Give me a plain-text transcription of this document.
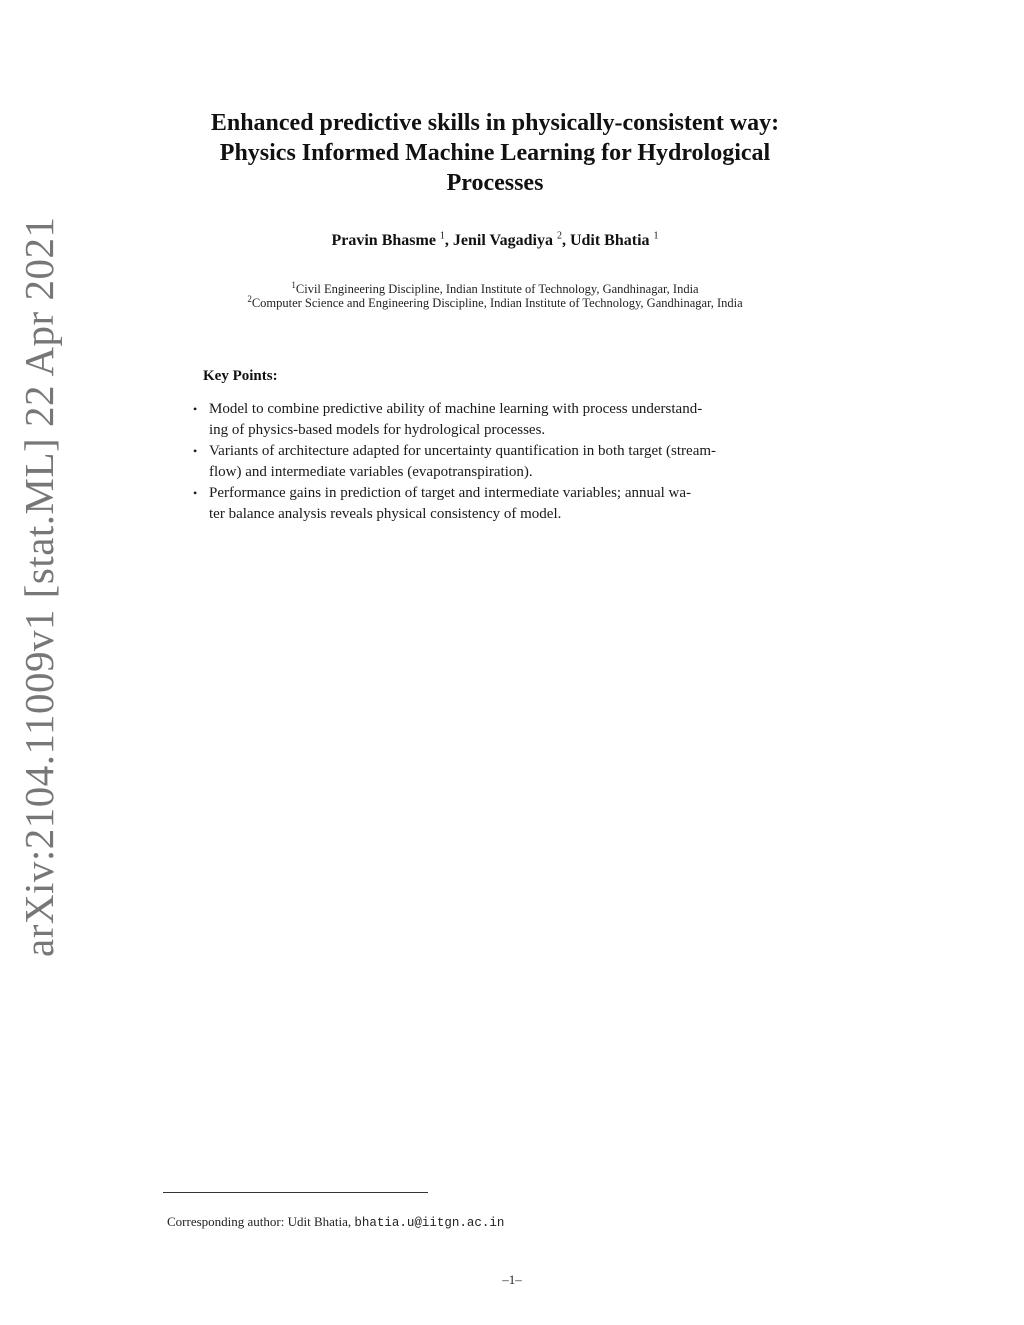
arXiv:2104.11009v1 [stat.ML] 22 Apr 2021
Enhanced predictive skills in physically-consistent way:
Physics Informed Machine Learning for Hydrological
Processes
Pravin Bhasme $^1$, Jenil Vagadiya $^2$, Udit Bhatia $^1$
$^1$Civil Engineering Discipline, Indian Institute of Technology, Gandhinagar, India
$^2$Computer Science and Engineering Discipline, Indian Institute of Technology, Gandhinagar, India
Key Points:
• Model to combine predictive ability of machine learning with process understand-
ing of physics-based models for hydrological processes.
• Variants of architecture adapted for uncertainty quantification in both target (stream-
flow) and intermediate variables (evapotranspiration).
• Performance gains in prediction of target and intermediate variables; annual wa-
ter balance analysis reveals physical consistency of model.
Corresponding author: Udit Bhatia, bhatia.u@iitgn.ac.in
–1–
